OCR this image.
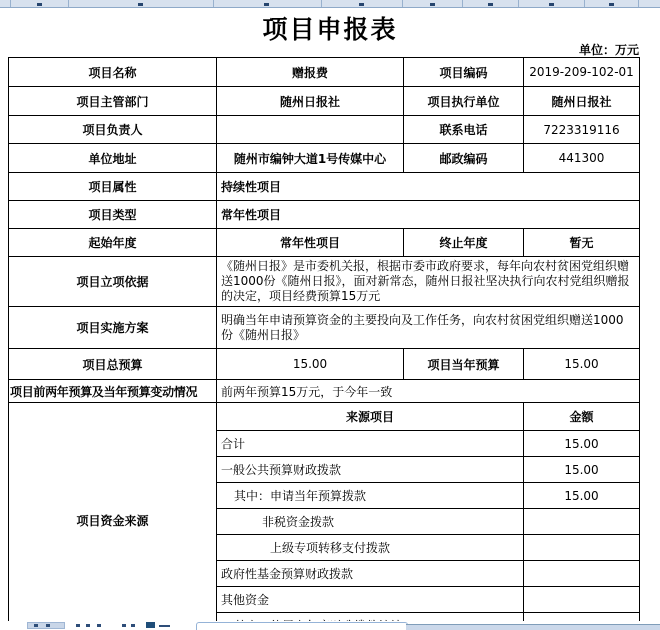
项目申报表
单位：万元
项目名称	赠报费	项目编码	2019-209-102-01
项目主管部门	随州日报社	项目执行单位	随州日报社
项目负责人		联系电话	7223319116
单位地址	随州市编钟大道1号传媒中心	邮政编码	441300
项目属性	持续性项目		
项目类型	常年性项目		
起始年度	常年性项目	终止年度	暂无
项目立项依据	《随州日报》是市委机关报，根据市委市政府要求，每年向农村贫困党组织赠送1000份《随州日报》，面对新常态，随州日报社坚决执行向农村党组织赠报的决定，项目经费预算15万元		
项目实施方案	明确当年申请预算资金的主要投向及工作任务，向农村贫困党组织赠送1000份《随州日报》		
项目总预算	15.00	项目当年预算	15.00
项目前两年预算及当年预算变动情况	前两年预算15万元，于今年一致		
项目资金来源	来源项目		金额
	合计		15.00
	一般公共预算财政拨款		15.00
	其中：申请当年预算拨款		15.00
	非税资金拨款		
	上级专项转移支付拨款		
	政府性基金预算财政拨款		
	其他资金		
